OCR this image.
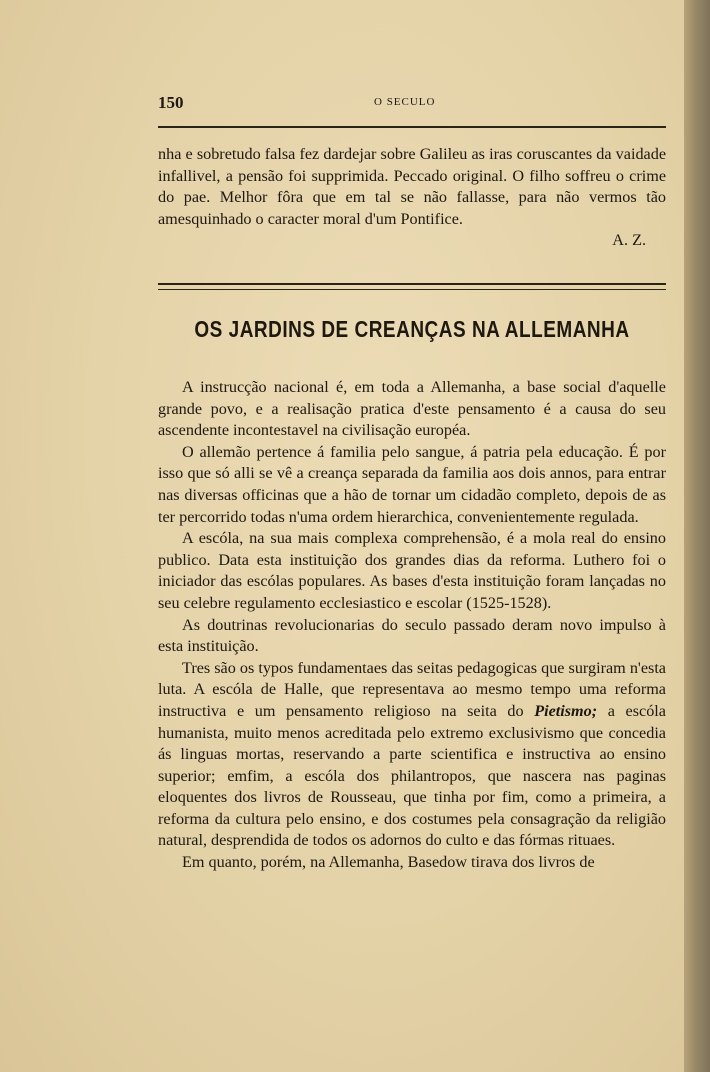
150	O SECULO

nha e sobretudo falsa fez dardejar sobre Galileu as iras coruscantes da vaidade infallivel, a pensão foi supprimida. Peccado original. O filho soffreu o crime do pae. Melhor fôra que em tal se não fallasse, para não vermos tão amesquinhado o caracter moral d'um Pontifice.

A. Z.

OS JARDINS DE CREANÇAS NA ALLEMANHA

A instrucção nacional é, em toda a Allemanha, a base social d'aquelle grande povo, e a realisação pratica d'este pensamento é a causa do seu ascendente incontestavel na civilisação européa.

O allemão pertence á familia pelo sangue, á patria pela educação. É por isso que só alli se vê a creança separada da familia aos dois annos, para entrar nas diversas officinas que a hão de tornar um cidadão completo, depois de as ter percorrido todas n'uma ordem hierarchica, convenientemente regulada.

A escóla, na sua mais complexa comprehensão, é a mola real do ensino publico. Data esta instituição dos grandes dias da reforma. Luthero foi o iniciador das escólas populares. As bases d'esta instituição foram lançadas no seu celebre regulamento ecclesiastico e escolar (1525-1528).

As doutrinas revolucionarias do seculo passado deram novo impulso à esta instituição.

Tres são os typos fundamentaes das seitas pedagogicas que surgiram n'esta luta. A escóla de Halle, que representava ao mesmo tempo uma reforma instructiva e um pensamento religioso na seita do Pietismo; a escóla humanista, muito menos acreditada pelo extremo exclusivismo que concedia ás linguas mortas, reservando a parte scientifica e instructiva ao ensino superior; emfim, a escóla dos philantropos, que nascera nas paginas eloquentes dos livros de Rousseau, que tinha por fim, como a primeira, a reforma da cultura pelo ensino, e dos costumes pela consagração da religião natural, desprendida de todos os adornos do culto e das fórmas rituaes.

Em quanto, porém, na Allemanha, Basedow tirava dos livros de
